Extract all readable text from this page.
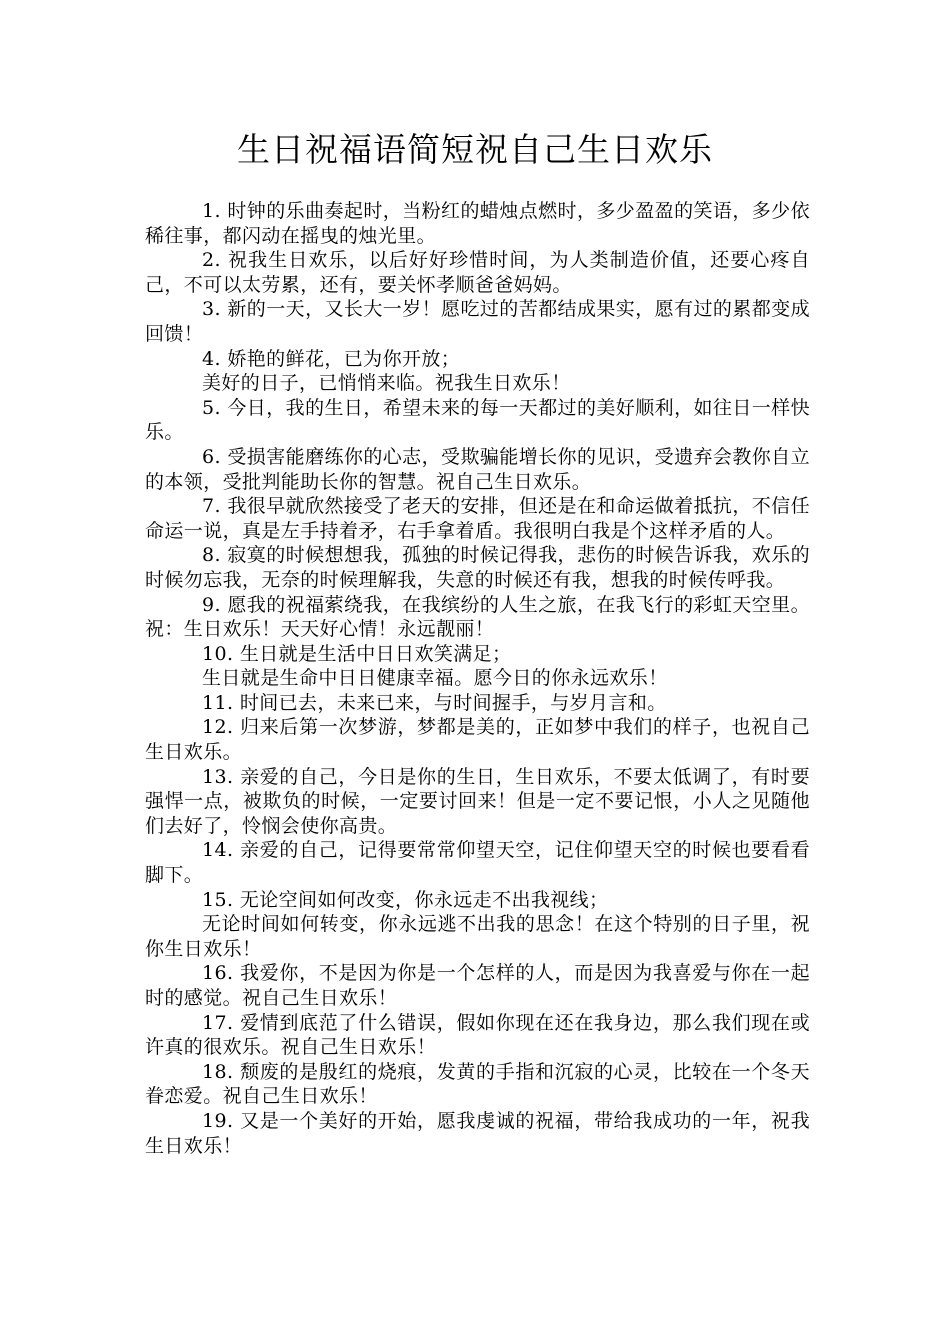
生日祝福语简短祝自己生日欢乐

1. 时钟的乐曲奏起时，当粉红的蜡烛点燃时，多少盈盈的笑语，多少依稀往事，都闪动在摇曳的烛光里。

2. 祝我生日欢乐，以后好好珍惜时间，为人类制造价值，还要心疼自己，不可以太劳累，还有，要关怀孝顺爸爸妈妈。

3. 新的一天，又长大一岁！愿吃过的苦都结成果实，愿有过的累都变成回馈！

4. 娇艳的鲜花，已为你开放；

美好的日子，已悄悄来临。祝我生日欢乐！

5. 今日，我的生日，希望未来的每一天都过的美好顺利，如往日一样快乐。

6. 受损害能磨练你的心志，受欺骗能增长你的见识，受遗弃会教你自立的本领，受批判能助长你的智慧。祝自己生日欢乐。

7. 我很早就欣然接受了老天的安排，但还是在和命运做着抵抗，不信任命运一说，真是左手持着矛，右手拿着盾。我很明白我是个这样矛盾的人。

8. 寂寞的时候想想我，孤独的时候记得我，悲伤的时候告诉我，欢乐的时候勿忘我，无奈的时候理解我，失意的时候还有我，想我的时候传呼我。

9. 愿我的祝福萦绕我，在我缤纷的人生之旅，在我飞行的彩虹天空里。祝：生日欢乐！天天好心情！永远靓丽！

10. 生日就是生活中日日欢笑满足；

生日就是生命中日日健康幸福。愿今日的你永远欢乐！

11. 时间已去，未来已来，与时间握手，与岁月言和。

12. 归来后第一次梦游，梦都是美的，正如梦中我们的样子，也祝自己生日欢乐。

13. 亲爱的自己，今日是你的生日，生日欢乐，不要太低调了，有时要强悍一点，被欺负的时候，一定要讨回来！但是一定不要记恨，小人之见随他们去好了，怜悯会使你高贵。

14. 亲爱的自己，记得要常常仰望天空，记住仰望天空的时候也要看看脚下。

15. 无论空间如何改变，你永远走不出我视线；

无论时间如何转变，你永远逃不出我的思念！在这个特别的日子里，祝你生日欢乐！

16. 我爱你，不是因为你是一个怎样的人，而是因为我喜爱与你在一起时的感觉。祝自己生日欢乐！

17. 爱情到底范了什么错误，假如你现在还在我身边，那么我们现在或许真的很欢乐。祝自己生日欢乐！

18. 颓废的是殷红的烧痕，发黄的手指和沉寂的心灵，比较在一个冬天眷恋爱。祝自己生日欢乐！

19. 又是一个美好的开始，愿我虔诚的祝福，带给我成功的一年，祝我生日欢乐！
